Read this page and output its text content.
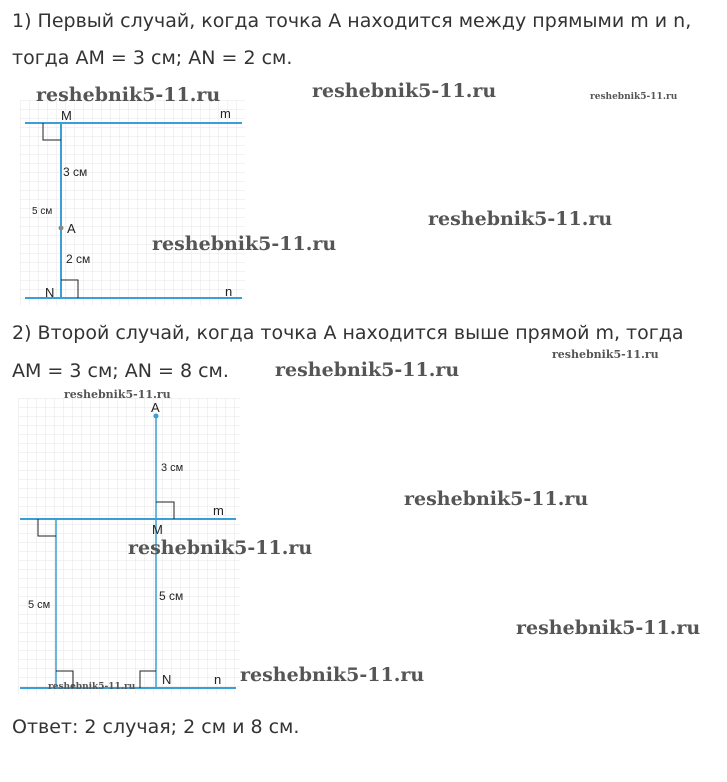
1) Первый случай, когда точка A находится между прямыми m и n,
тогда AM = 3 см; AN = 2 см.
M	m
A
3 см
5 см
2 см
N	n
2) Второй случай, когда точка A находится выше прямой m, тогда
AM = 3 см; AN = 8 см.
A
3 см
M
m
5 см
5 см
N	n
Ответ: 2 случая; 2 см и 8 см.
reshebnik5-11.ru	reshebnik5-11.ru	reshebnik5-11.ru
reshebnik5-11.ru
reshebnik5-11.ru
reshebnik5-11.ru
reshebnik5-11.ru
reshebnik5-11.ru
reshebnik5-11.ru
reshebnik5-11.ru
reshebnik5-11.ru
reshebnik5-11.ru
reshebnik5-11.ru
